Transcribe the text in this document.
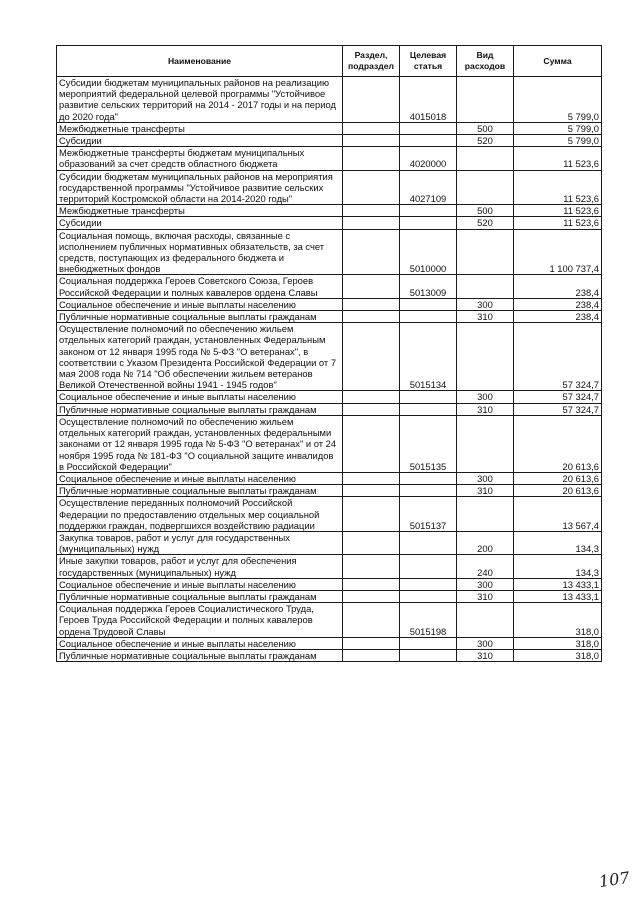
Наименование	Раздел, подраздел	Целевая статья	Вид расходов	Сумма
Субсидии бюджетам муниципальных районов на реализацию мероприятий федеральной целевой программы "Устойчивое развитие сельских территорий на 2014 - 2017 годы и на период до 2020 года"		4015018		5 799,0
Межбюджетные трансферты			500	5 799,0
Субсидии			520	5 799,0
Межбюджетные трансферты бюджетам муниципальных образований за счет средств областного бюджета		4020000		11 523,6
Субсидии бюджетам муниципальных районов на мероприятия государственной программы "Устойчивое развитие сельских территорий Костромской области на 2014-2020 годы"		4027109		11 523,6
Межбюджетные трансферты			500	11 523,6
Субсидии			520	11 523,6
Социальная помощь, включая расходы, связанные с исполнением публичных нормативных обязательств, за счет средств, поступающих из федерального бюджета и внебюджетных фондов		5010000		1 100 737,4
Социальная поддержка Героев Советского Союза, Героев Российской Федерации и полных кавалеров ордена Славы		5013009		238,4
Социальное обеспечение и иные выплаты населению			300	238,4
Публичные нормативные социальные выплаты гражданам			310	238,4
Осуществление полномочий по обеспечению жильем отдельных категорий граждан, установленных Федеральным законом от 12 января 1995 года № 5-ФЗ "О ветеранах", в соответствии с Указом Президента Российской Федерации от 7 мая 2008 года № 714 "Об обеспечении жильем ветеранов Великой Отечественной войны 1941 - 1945 годов"		5015134		57 324,7
Социальное обеспечение и иные выплаты населению			300	57 324,7
Публичные нормативные социальные выплаты гражданам			310	57 324,7
Осуществление полномочий по обеспечению жильем отдельных категорий граждан, установленных федеральными законами от 12 января 1995 года № 5-ФЗ "О ветеранах" и от 24 ноября 1995 года № 181-ФЗ "О социальной защите инвалидов в Российской Федерации"		5015135		20 613,6
Социальное обеспечение и иные выплаты населению			300	20 613,6
Публичные нормативные социальные выплаты гражданам			310	20 613,6
Осуществление переданных полномочий Российской Федерации по предоставлению отдельных мер социальной поддержки граждан, подвергшихся воздействию радиации		5015137		13 567,4
Закупка товаров, работ и услуг для государственных (муниципальных) нужд			200	134,3
Иные закупки товаров, работ и услуг для обеспечения государственных (муниципальных) нужд			240	134,3
Социальное обеспечение и иные выплаты населению			300	13 433,1
Публичные нормативные социальные выплаты гражданам			310	13 433,1
Социальная поддержка Героев Социалистического Труда, Героев Труда Российской Федерации и полных кавалеров ордена Трудовой Славы		5015198		318,0
Социальное обеспечение и иные выплаты населению			300	318,0
Публичные нормативные социальные выплаты гражданам			310	318,0
107
